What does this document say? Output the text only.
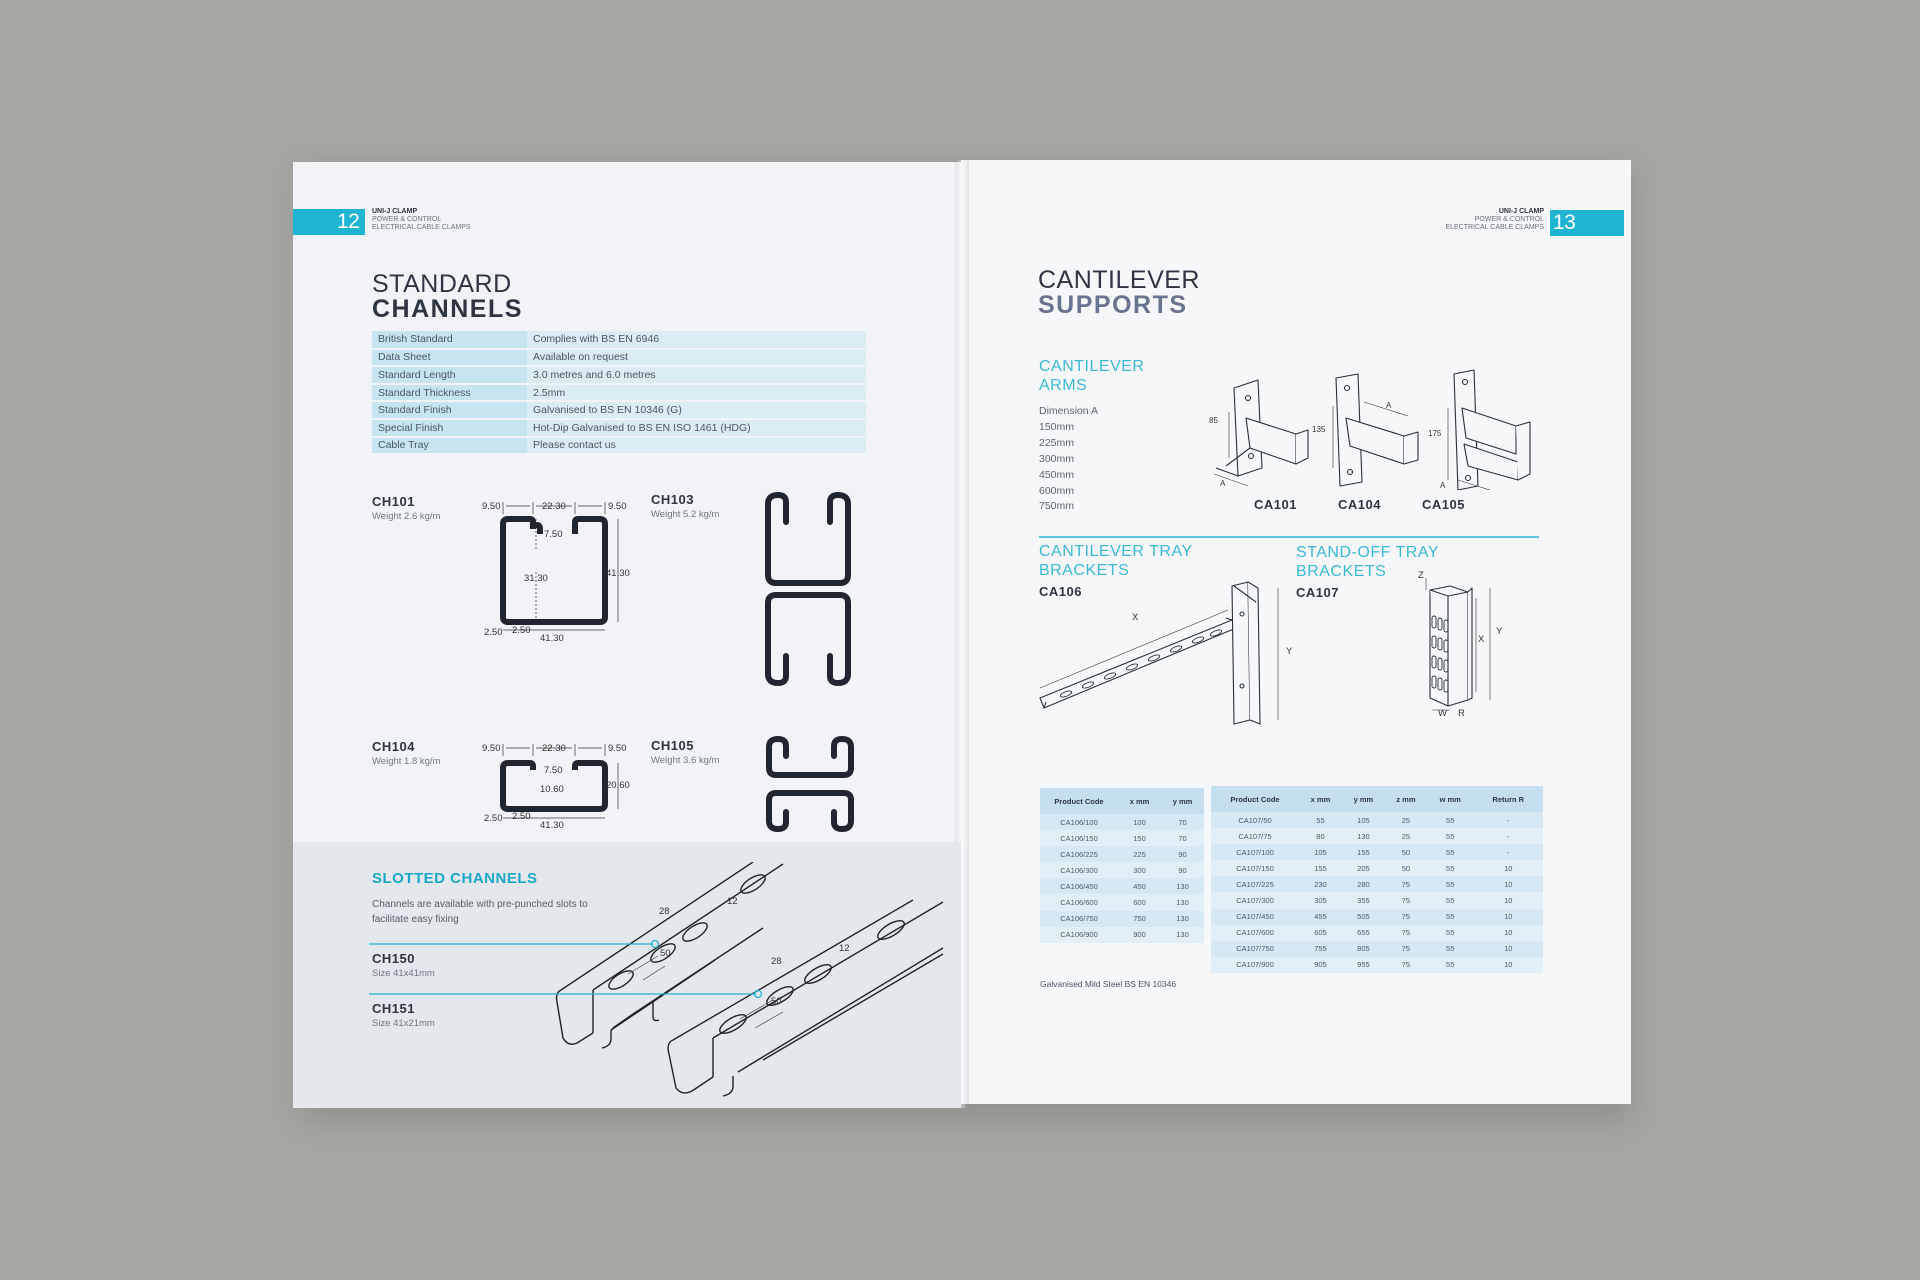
12 UNI-J CLAMP
POWER & CONTROL
ELECTRICAL CABLE CLAMPS
STANDARD
CHANNELS
British Standard	Complies with BS EN 6946
Data Sheet	Available on request
Standard Length	3.0 metres and 6.0 metres
Standard Thickness	2.5mm
Standard Finish	Galvanised to BS EN 10346 (G)
Special Finish	Hot-Dip Galvanised to BS EN ISO 1461 (HDG)
Cable Tray	Please contact us
CH101
Weight 2.6 kg/m
CH103
Weight 5.2 kg/m
CH104
Weight 1.8 kg/m
CH105
Weight 3.6 kg/m
9.50	22.30	9.50
7.50
31.30	41.30
2.50 2.50
41.30
9.50	22.30	9.50
7.50
10.60	20.60
2.50 2.50
41.30
SLOTTED CHANNELS
Channels are available with pre-punched slots to facilitate easy fixing
CH150
Size 41x41mm
CH151
Size 41x21mm
28
50
12
28
50
12
13
UNI-J CLAMP
POWER & CONTROL
ELECTRICAL CABLE CLAMPS
CANTILEVER
SUPPORTS
CANTILEVER
ARMS
Dimension A
150mm
225mm
300mm
450mm
600mm
750mm
85
135	175
A
A
A
CA101	CA104	CA105
CANTILEVER TRAY
BRACKETS
CA106
STAND-OFF TRAY
BRACKETS
CA107
X
Y
Z
X
Y
W R
Product Code	x mm	y mm
CA106/100	100	70
CA106/150	150	70
CA106/225	225	90
CA106/300	300	90
CA106/450	450	130
CA106/600	600	130
CA106/750	750	130
CA106/900	900	130
Product Code	x mm	y mm	z mm	w mm	Return R
CA107/50	55	105	25	55	-
CA107/75	80	130	25	55	-
CA107/100	105	155	50	55	-
CA107/150	155	205	50	55	10
CA107/225	230	280	75	55	10
CA107/300	305	355	75	55	10
CA107/450	455	505	75	55	10
CA107/600	605	655	75	55	10
CA107/750	755	805	75	55	10
CA107/900	905	955	75	55	10
Galvanised Mild Steel BS EN 10346
